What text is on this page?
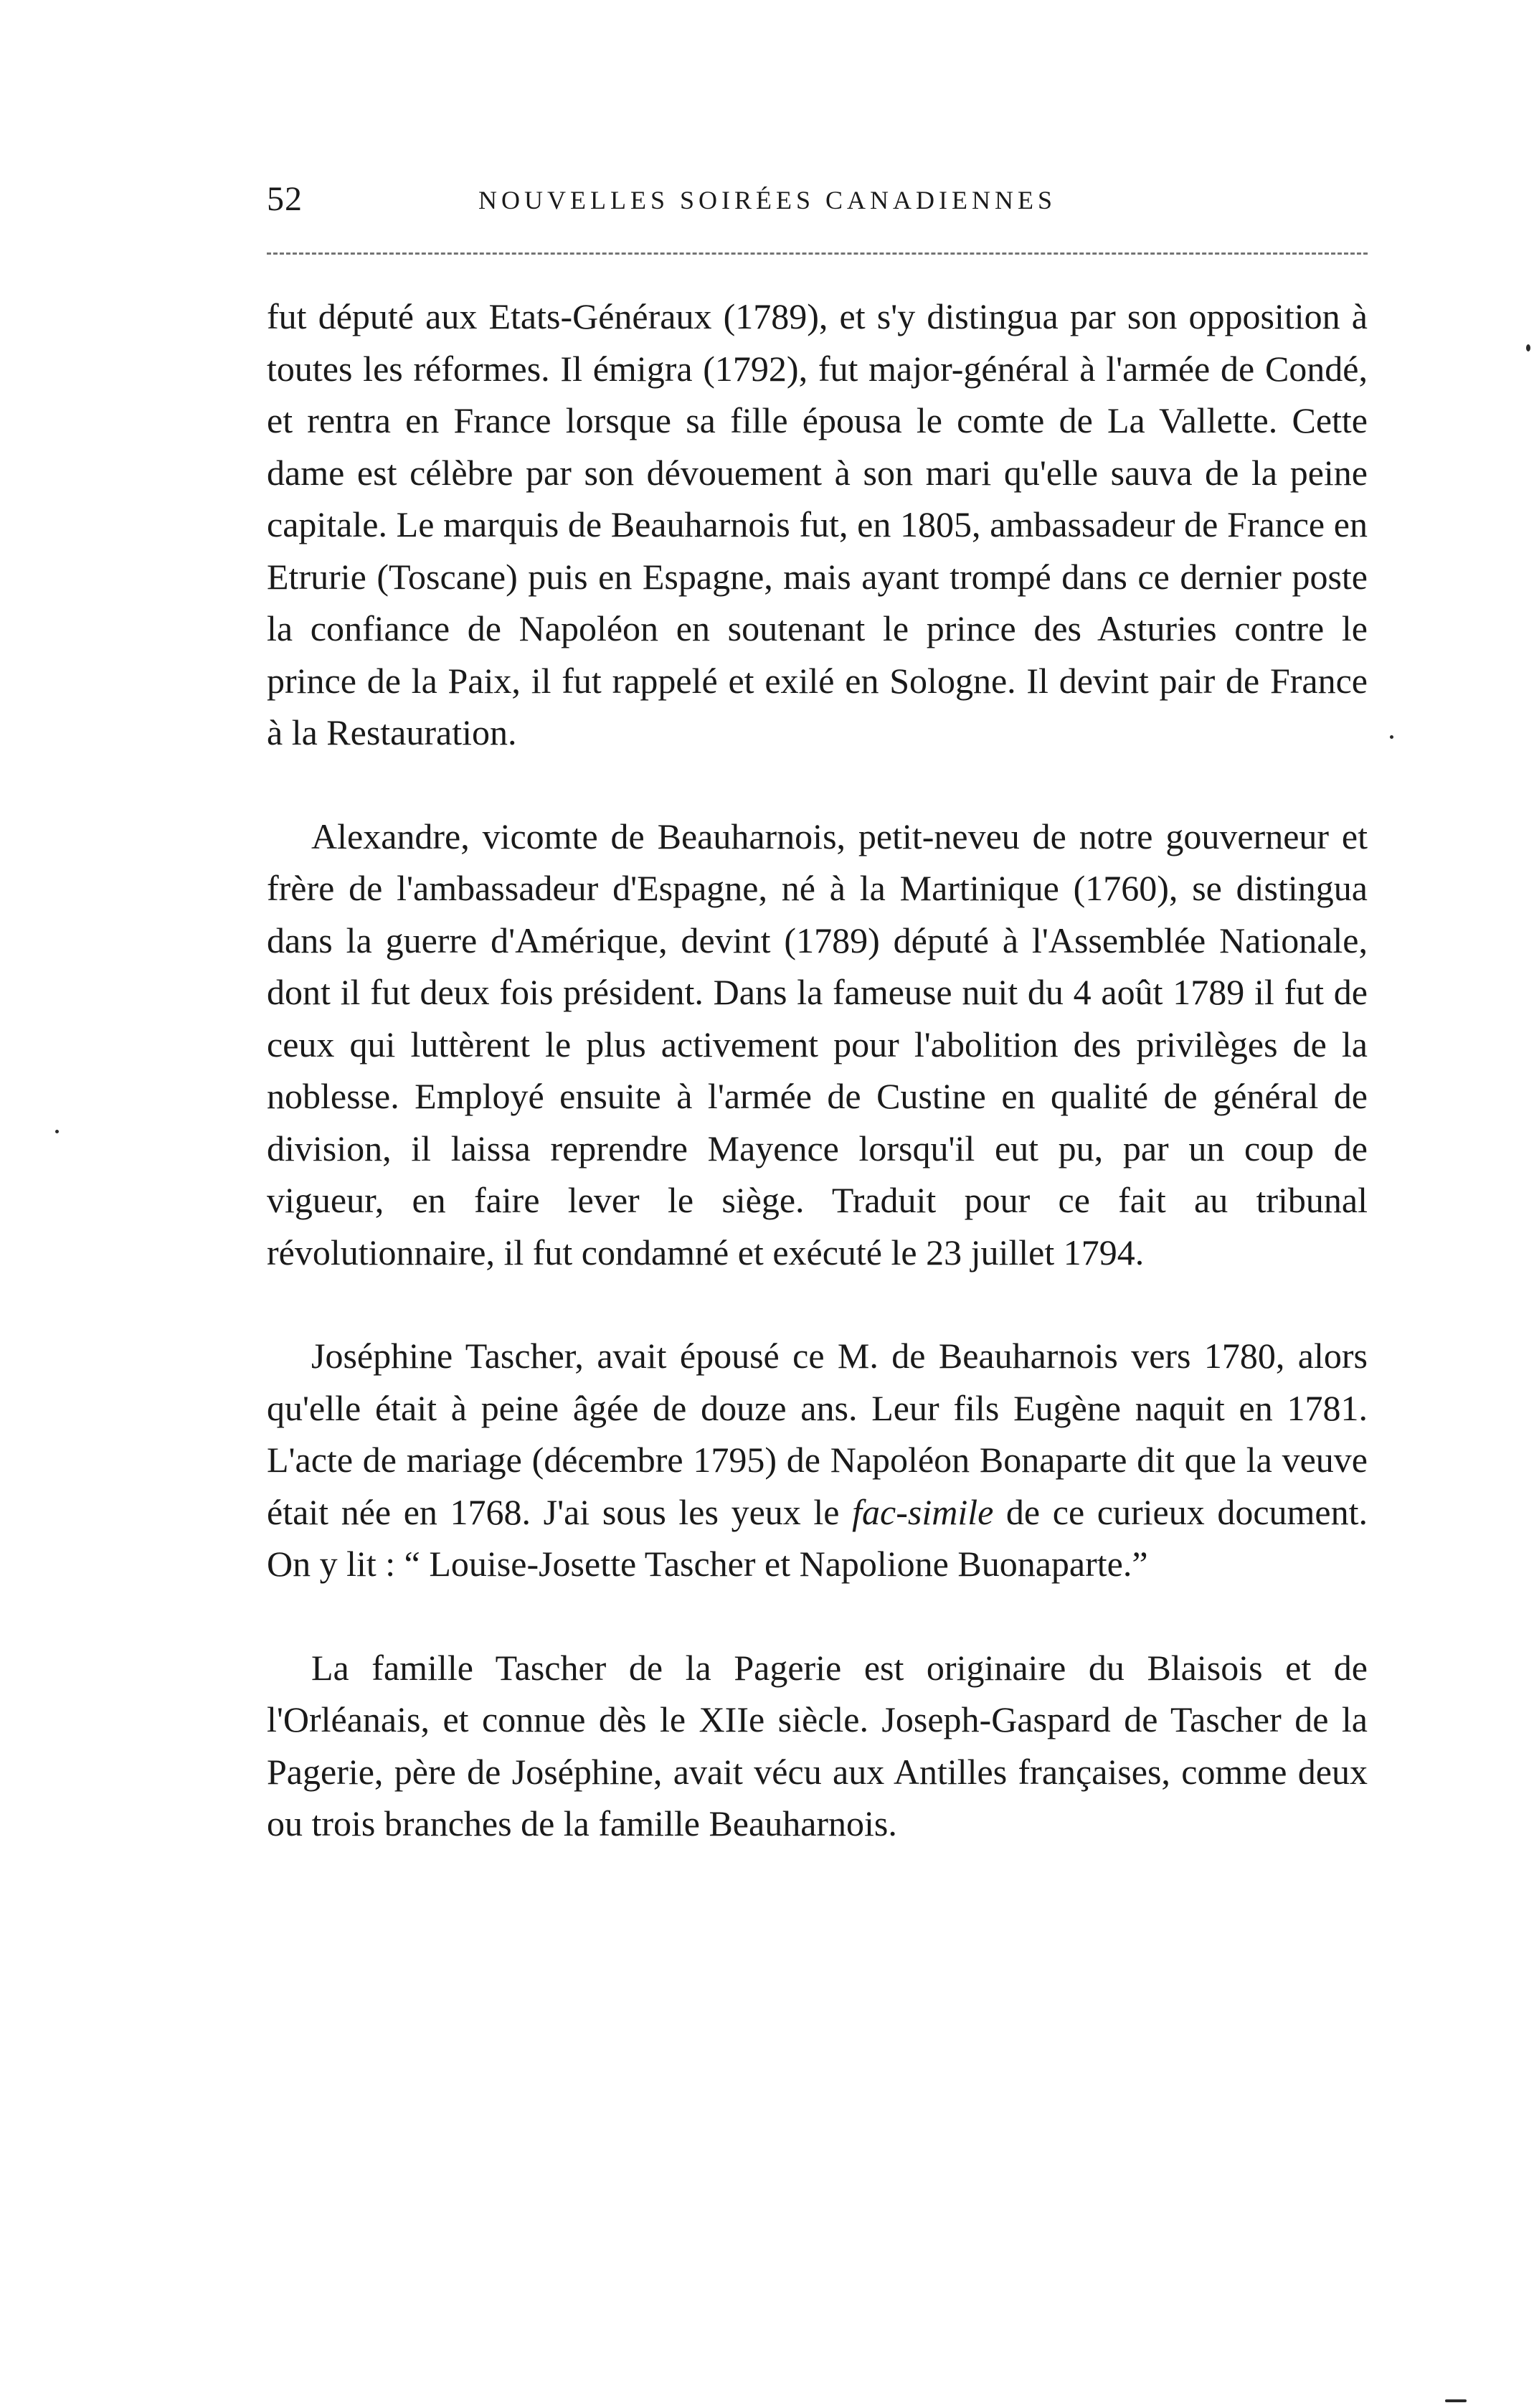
52	NOUVELLES SOIRÉES CANADIENNES

fut député aux Etats-Généraux (1789), et s'y distingua par son opposition à toutes les réformes. Il émigra (1792), fut major-général à l'armée de Condé, et rentra en France lorsque sa fille épousa le comte de La Vallette. Cette dame est célèbre par son dévouement à son mari qu'elle sauva de la peine capitale. Le marquis de Beauharnois fut, en 1805, ambassadeur de France en Etrurie (Toscane) puis en Espagne, mais ayant trompé dans ce dernier poste la confiance de Napoléon en soutenant le prince des Asturies contre le prince de la Paix, il fut rappelé et exilé en Sologne. Il devint pair de France à la Restauration.

Alexandre, vicomte de Beauharnois, petit-neveu de notre gouverneur et frère de l'ambassadeur d'Espagne, né à la Martinique (1760), se distingua dans la guerre d'Amérique, devint (1789) député à l'Assemblée Nationale, dont il fut deux fois président. Dans la fameuse nuit du 4 août 1789 il fut de ceux qui luttèrent le plus activement pour l'abolition des privilèges de la noblesse. Employé ensuite à l'armée de Custine en qualité de général de division, il laissa reprendre Mayence lorsqu'il eut pu, par un coup de vigueur, en faire lever le siège. Traduit pour ce fait au tribunal révolutionnaire, il fut condamné et exécuté le 23 juillet 1794.

Joséphine Tascher, avait épousé ce M. de Beauharnois vers 1780, alors qu'elle était à peine âgée de douze ans. Leur fils Eugène naquit en 1781. L'acte de mariage (décembre 1795) de Napoléon Bonaparte dit que la veuve était née en 1768. J'ai sous les yeux le fac-simile de ce curieux document. On y lit : “ Louise-Josette Tascher et Napolione Buonaparte.”

La famille Tascher de la Pagerie est originaire du Blaisois et de l'Orléanais, et connue dès le XIIe siècle. Joseph-Gaspard de Tascher de la Pagerie, père de Joséphine, avait vécu aux Antilles françaises, comme deux ou trois branches de la famille Beauharnois.
